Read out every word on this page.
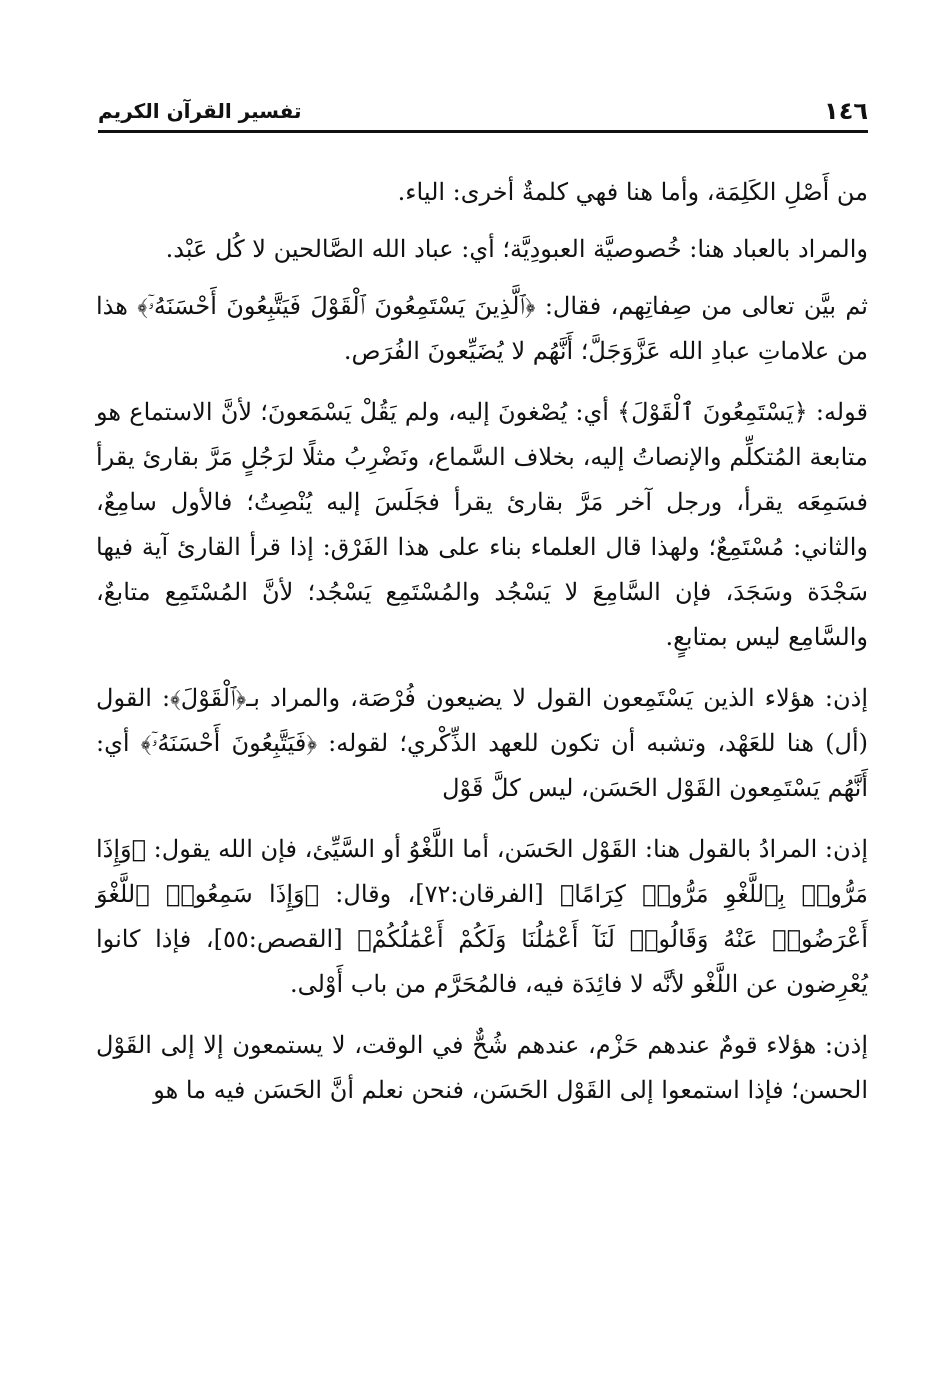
١٤٦
تفسير القرآن الكريم

من أَصْلِ الكَلِمَة، وأما هنا فهي كلمةٌ أخرى: الياء.

والمراد بالعباد هنا: خُصوصيَّة العبودِيَّة؛ أي: عباد الله الصَّالحين لا كُل عَبْد.

ثم بيَّن تعالى من صِفاتِهم، فقال: ﴿ٱلَّذِينَ يَسْتَمِعُونَ ٱلْقَوْلَ فَيَتَّبِعُونَ أَحْسَنَهُۥٓ﴾ هذا من علاماتِ عبادِ الله عَزَّوَجَلَّ؛ أَنَّهُم لا يُضَيِّعونَ الفُرَص.

قوله: ﴿يَسْتَمِعُونَ ٱلْقَوْلَ﴾ أي: يُصْغونَ إليه، ولم يَقُلْ يَسْمَعونَ؛ لأنَّ الاستماع هو متابعة المُتكلِّم والإنصاتُ إليه، بخلاف السَّماع، ونَضْرِبُ مثلًا لرَجُلٍ مَرَّ بقارئ يقرأ فسَمِعَه يقرأ، ورجل آخر مَرَّ بقارئ يقرأ فجَلَسَ إليه يُنْصِتُ؛ فالأول سامِعٌ، والثاني: مُسْتَمِعٌ؛ ولهذا قال العلماء بناء على هذا الفَرْق: إذا قرأ القارئ آية فيها سَجْدَة وسَجَدَ، فإن السَّامِعَ لا يَسْجُد والمُسْتَمِع يَسْجُد؛ لأنَّ المُسْتَمِع متابعٌ، والسَّامِع ليس بمتابعٍ.

إذن: هؤلاء الذين يَسْتَمِعون القول لا يضيعون فُرْصَة، والمراد بـ﴿ٱلْقَوْلَ﴾: القول (أل) هنا للعَهْد، وتشبه أن تكون للعهد الذِّكْري؛ لقوله: ﴿فَيَتَّبِعُونَ أَحْسَنَهُۥٓ﴾ أي: أَنَّهُم يَسْتَمِعون القَوْل الحَسَن، ليس كلَّ قَوْل

إذن: المرادُ بالقول هنا: القَوْل الحَسَن، أما اللَّغْوُ أو السَّيِّئ، فإن الله يقول: ﴿وَإِذَا مَرُّوا۟ بِٱللَّغْوِ مَرُّوا۟ كِرَامًا﴾ [الفرقان:٧٢]، وقال: ﴿وَإِذَا سَمِعُوا۟ ٱللَّغْوَ أَعْرَضُوا۟ عَنْهُ وَقَالُوا۟ لَنَآ أَعْمَٰلُنَا وَلَكُمْ أَعْمَٰلُكُمْ﴾ [القصص:٥٥]، فإذا كانوا يُعْرِضون عن اللَّغْو لأنَّه لا فائِدَة فيه، فالمُحَرَّم من باب أَوْلى.

إذن: هؤلاء قومٌ عندهم حَزْم، عندهم شُحٌّ في الوقت، لا يستمعون إلا إلى القَوْل الحسن؛ فإذا استمعوا إلى القَوْل الحَسَن، فنحن نعلم أنَّ الحَسَن فيه ما هو
